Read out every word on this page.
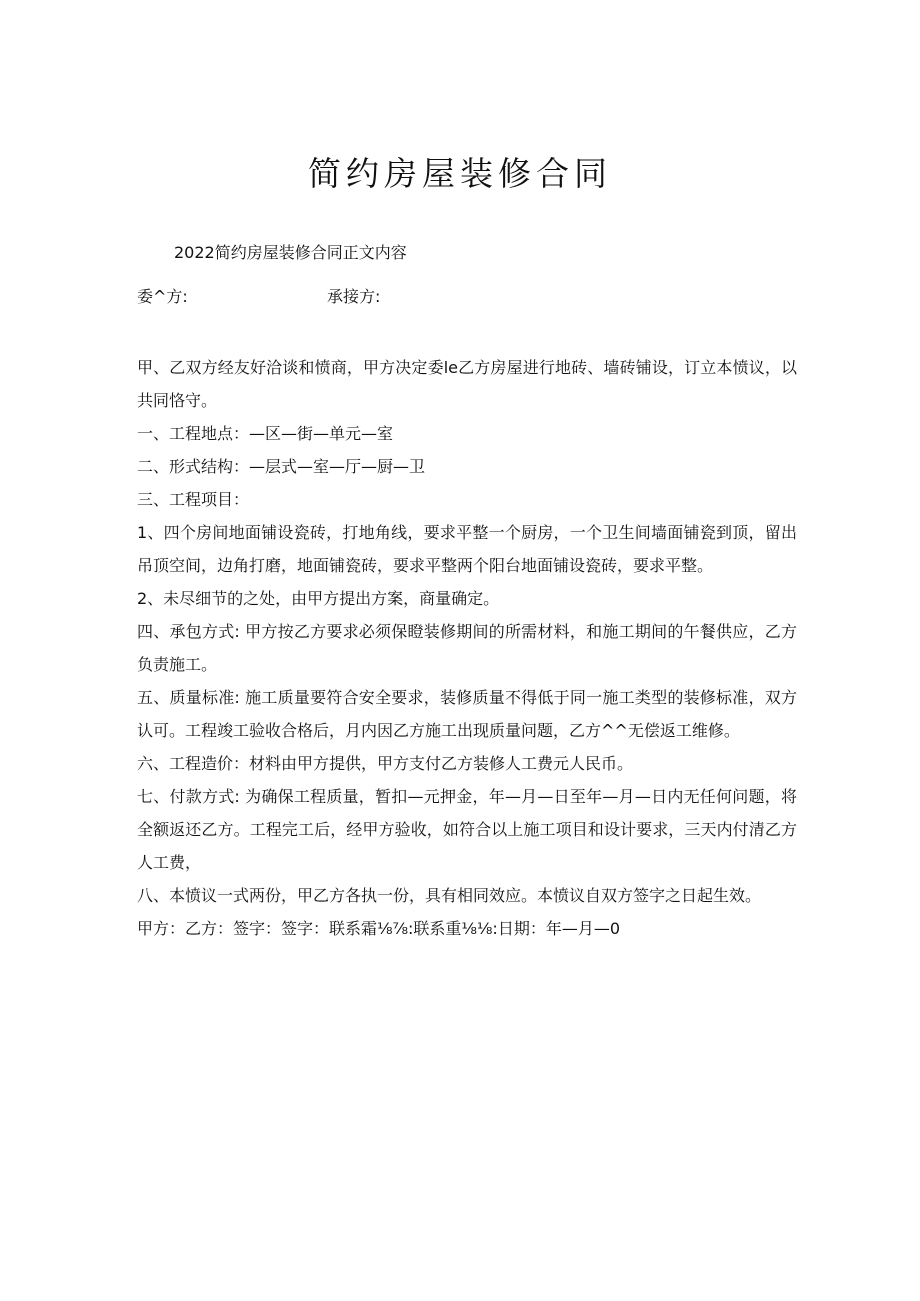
简约房屋装修合同

2022简约房屋装修合同正文内容

委^方:	承接方:

甲、乙双方经友好洽谈和愤商，甲方决定委le乙方房屋进行地砖、墙砖铺设，订立本愤议，以共同恪守。

一、工程地点：—区—街—单元—室

二、形式结构：—层式—室—厅—厨—卫

三、工程项目：

1、四个房间地面铺设瓷砖，打地角线，要求平整一个厨房，一个卫生间墙面铺瓷到顶，留出吊顶空间，边角打磨，地面铺瓷砖，要求平整两个阳台地面铺设瓷砖，要求平整。

2、未尽细节的之处，由甲方提出方案，商量确定。

四、承包方式: 甲方按乙方要求必须保瞪装修期间的所需材料，和施工期间的午餐供应，乙方负责施工。

五、质量标准: 施工质量要符合安全要求，装修质量不得低于同一施工类型的装修标准，双方认可。工程竣工验收合格后，月内因乙方施工出现质量问题，乙方^^无偿返工维修。

六、工程造价：材料由甲方提供，甲方支付乙方装修人工费元人民币。

七、付款方式: 为确保工程质量，暂扣—元押金，年—月—日至年—月—日内无任何问题，将全额返还乙方。工程完工后，经甲方验收，如符合以上施工项目和设计要求，三天内付清乙方人工费，

八、本愤议一式两份，甲乙方各执一份，具有相同效应。本愤议自双方签字之日起生效。

甲方：乙方：签字：签字：联系霜⅛⅞:联系重⅛⅛:日期：年—月—0
